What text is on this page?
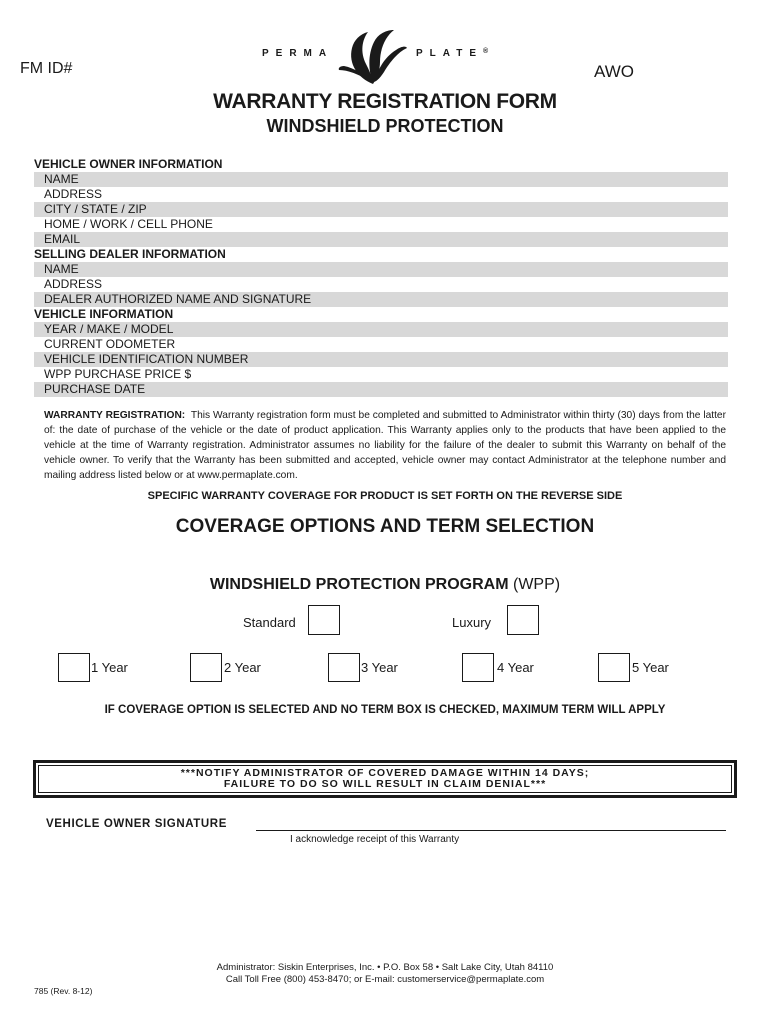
FM ID#	AWO
PERMA	PLATE®
WARRANTY REGISTRATION FORM
WINDSHIELD PROTECTION
VEHICLE OWNER INFORMATION
NAME
ADDRESS
CITY / STATE / ZIP
HOME / WORK / CELL PHONE
EMAIL
SELLING DEALER INFORMATION
NAME
ADDRESS
DEALER AUTHORIZED NAME AND SIGNATURE
VEHICLE INFORMATION
YEAR / MAKE / MODEL
CURRENT ODOMETER
VEHICLE IDENTIFICATION NUMBER
WPP PURCHASE PRICE $
PURCHASE DATE
WARRANTY REGISTRATION: This Warranty registration form must be completed and submitted to Administrator within thirty (30) days from the latter of: the date of purchase of the vehicle or the date of product application. This Warranty applies only to the products that have been applied to the vehicle at the time of Warranty registration. Administrator assumes no liability for the failure of the dealer to submit this Warranty on behalf of the vehicle owner. To verify that the Warranty has been submitted and accepted, vehicle owner may contact Administrator at the telephone number and mailing address listed below or at www.permaplate.com.
SPECIFIC WARRANTY COVERAGE FOR PRODUCT IS SET FORTH ON THE REVERSE SIDE
COVERAGE OPTIONS AND TERM SELECTION
WINDSHIELD PROTECTION PROGRAM (WPP)
Standard	Luxury
1 Year	2 Year	3 Year	4 Year	5 Year
IF COVERAGE OPTION IS SELECTED AND NO TERM BOX IS CHECKED, MAXIMUM TERM WILL APPLY
***NOTIFY ADMINISTRATOR OF COVERED DAMAGE WITHIN 14 DAYS;
FAILURE TO DO SO WILL RESULT IN CLAIM DENIAL***
VEHICLE OWNER SIGNATURE
I acknowledge receipt of this Warranty
Administrator: Siskin Enterprises, Inc. • P.O. Box 58 • Salt Lake City, Utah 84110
Call Toll Free (800) 453-8470; or E-mail: customerservice@permaplate.com
785 (Rev. 8-12)
